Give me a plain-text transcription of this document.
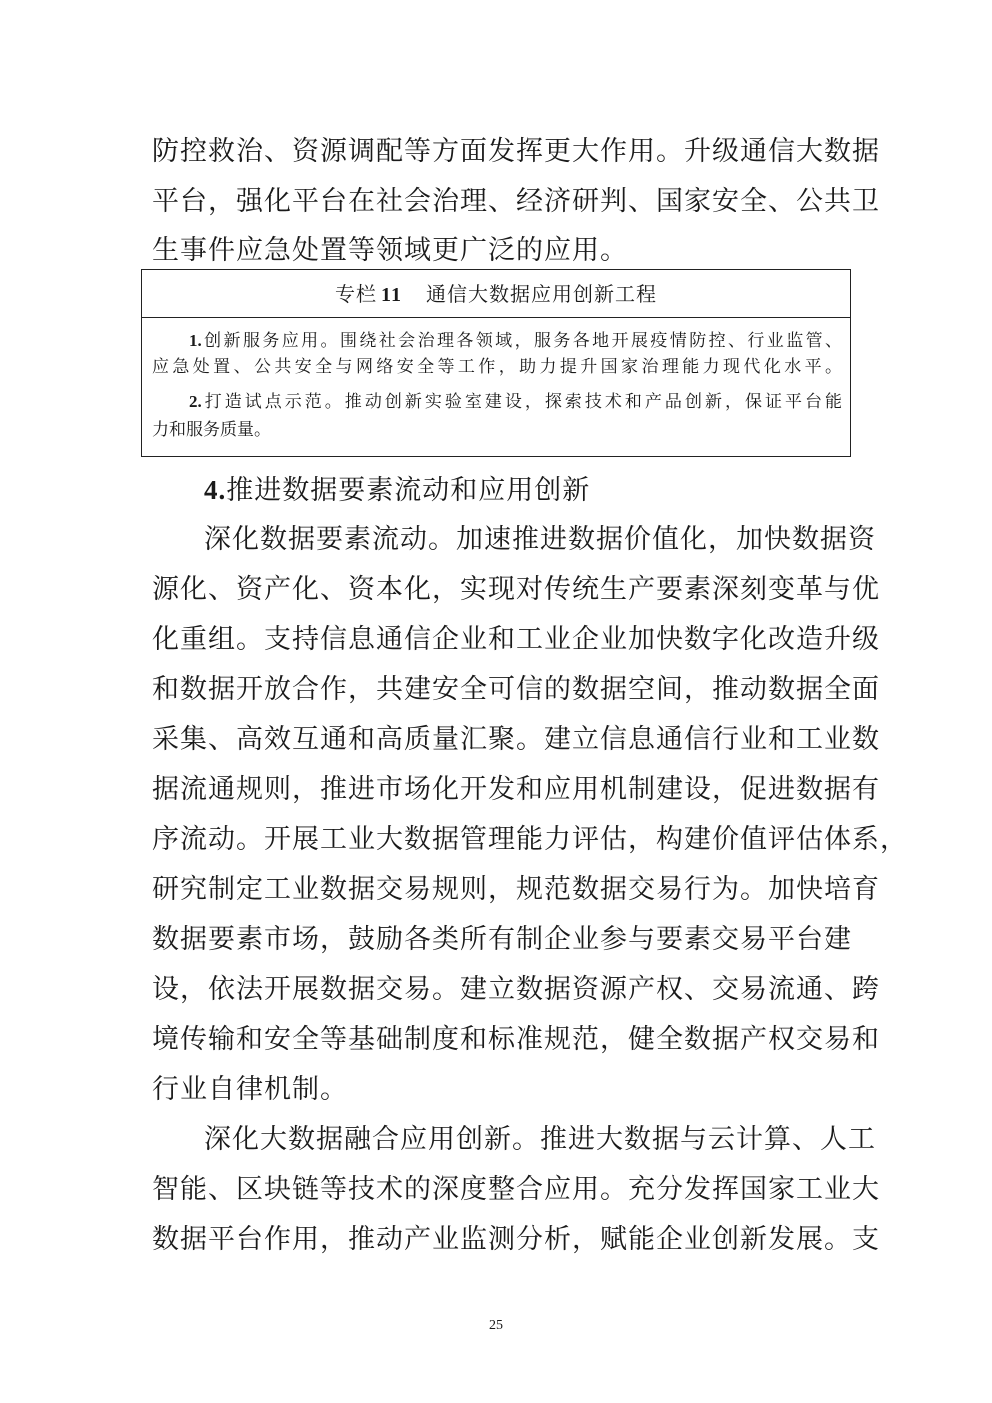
防控救治、资源调配等方面发挥更大作用。升级通信大数据
平台，强化平台在社会治理、经济研判、国家安全、公共卫
生事件应急处置等领域更广泛的应用。
专栏 11 通信大数据应用创新工程
1.创新服务应用。围绕社会治理各领域，服务各地开展疫情防控、行业监管、
应急处置、公共安全与网络安全等工作，助力提升国家治理能力现代化水平。
2.打造试点示范。推动创新实验室建设，探索技术和产品创新，保证平台能
力和服务质量。
4.推进数据要素流动和应用创新
深化数据要素流动。加速推进数据价值化，加快数据资
源化、资产化、资本化，实现对传统生产要素深刻变革与优
化重组。支持信息通信企业和工业企业加快数字化改造升级
和数据开放合作，共建安全可信的数据空间，推动数据全面
采集、高效互通和高质量汇聚。建立信息通信行业和工业数
据流通规则，推进市场化开发和应用机制建设，促进数据有
序流动。开展工业大数据管理能力评估，构建价值评估体系，
研究制定工业数据交易规则，规范数据交易行为。加快培育
数据要素市场，鼓励各类所有制企业参与要素交易平台建
设，依法开展数据交易。建立数据资源产权、交易流通、跨
境传输和安全等基础制度和标准规范，健全数据产权交易和
行业自律机制。
深化大数据融合应用创新。推进大数据与云计算、人工
智能、区块链等技术的深度整合应用。充分发挥国家工业大
数据平台作用，推动产业监测分析，赋能企业创新发展。支
25
